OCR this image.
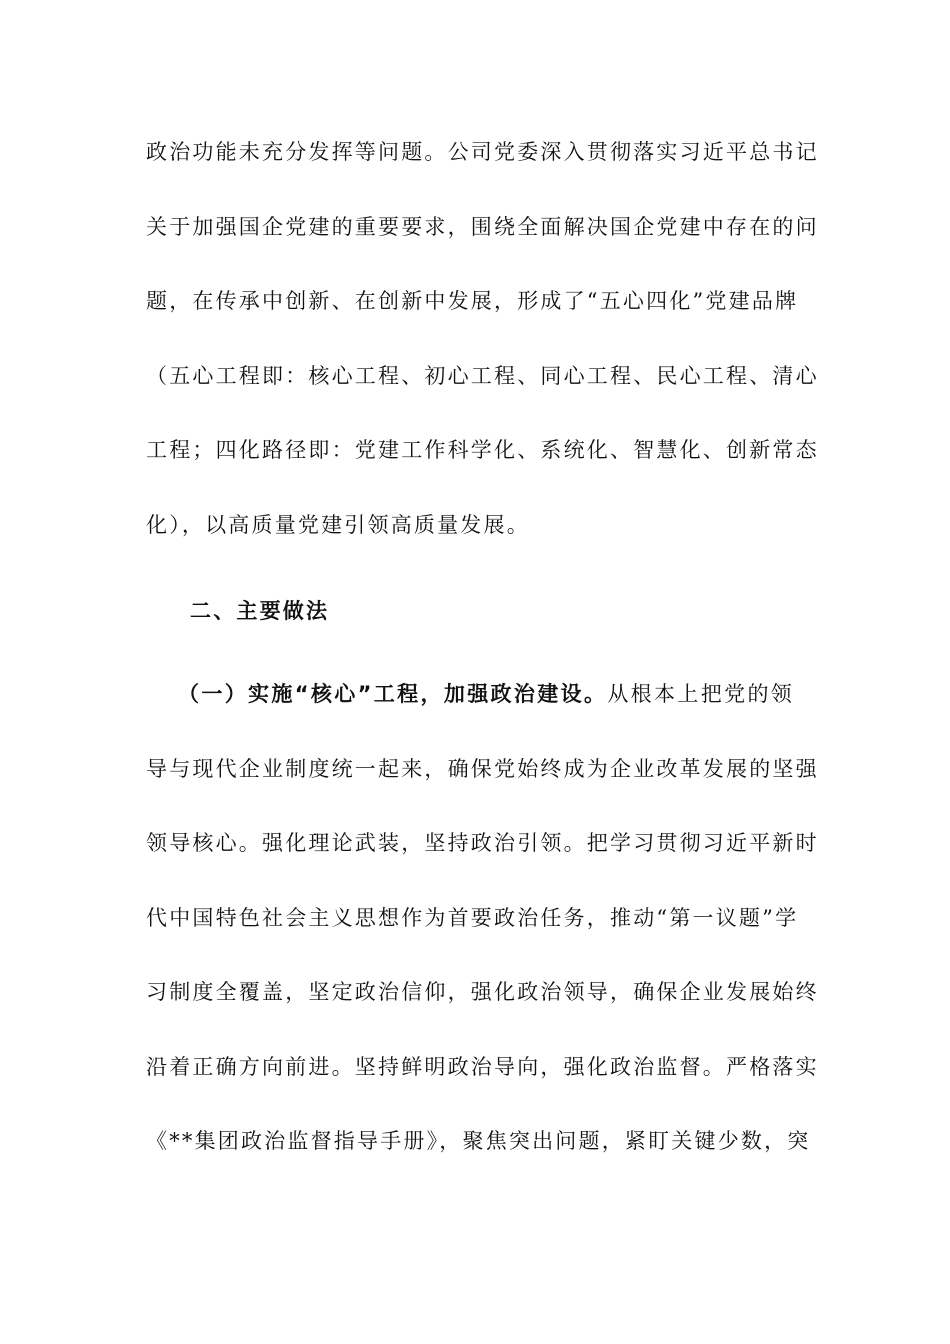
政治功能未充分发挥等问题。公司党委深入贯彻落实习近平总书记
关于加强国企党建的重要要求，围绕全面解决国企党建中存在的问
题，在传承中创新、在创新中发展，形成了“五心四化”党建品牌
（五心工程即：核心工程、初心工程、同心工程、民心工程、清心
工程；四化路径即：党建工作科学化、系统化、智慧化、创新常态
化），以高质量党建引领高质量发展。
二、主要做法
（一）实施“核心”工程，加强政治建设。从根本上把党的领
导与现代企业制度统一起来，确保党始终成为企业改革发展的坚强
领导核心。强化理论武装，坚持政治引领。把学习贯彻习近平新时
代中国特色社会主义思想作为首要政治任务，推动“第一议题”学
习制度全覆盖，坚定政治信仰，强化政治领导，确保企业发展始终
沿着正确方向前进。坚持鲜明政治导向，强化政治监督。严格落实
《**集团政治监督指导手册》，聚焦突出问题，紧盯关键少数，突
